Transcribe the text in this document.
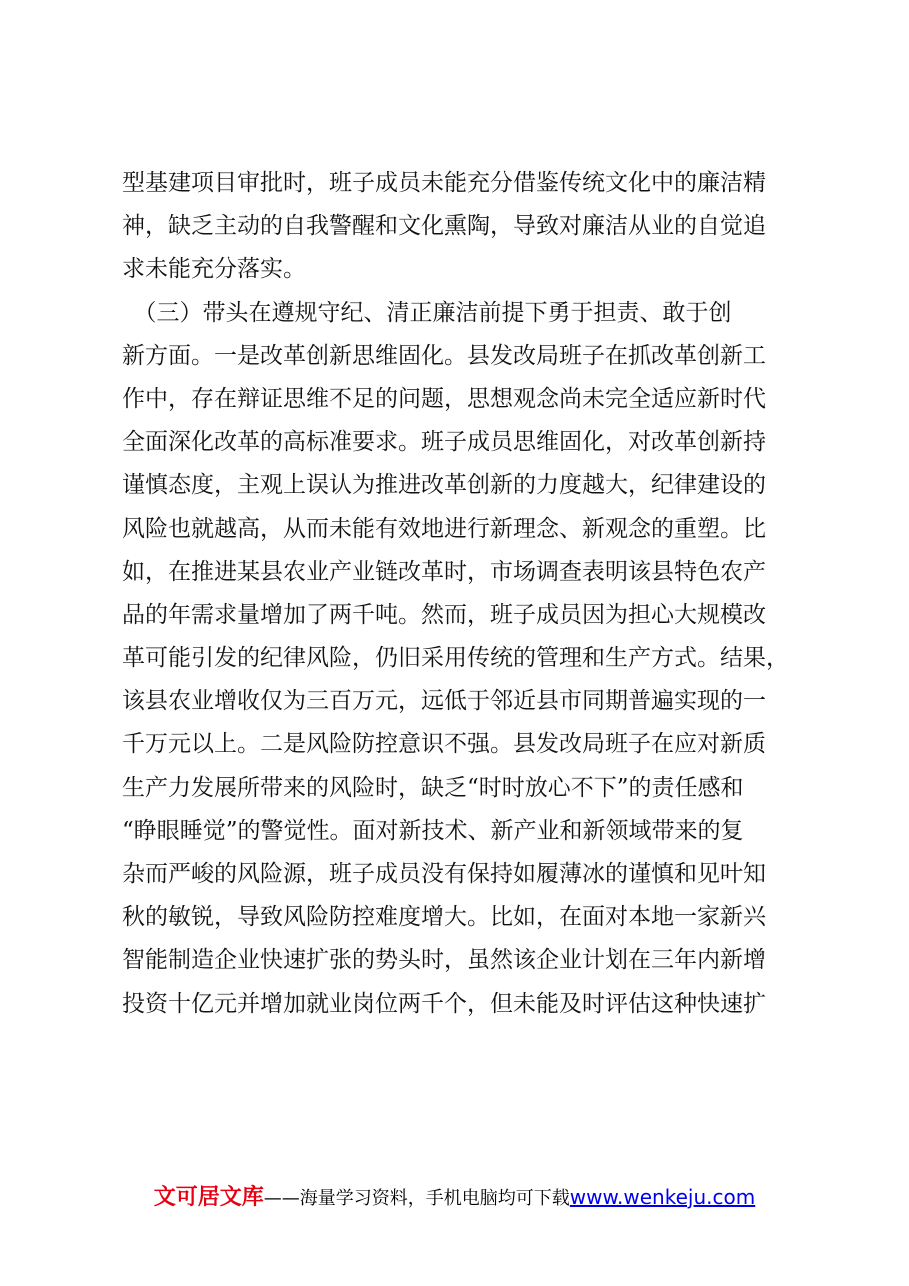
型基建项目审批时，班子成员未能充分借鉴传统文化中的廉洁精
神，缺乏主动的自我警醒和文化熏陶，导致对廉洁从业的自觉追
求未能充分落实。
　（三）带头在遵规守纪、清正廉洁前提下勇于担责、敢于创
新方面。一是改革创新思维固化。县发改局班子在抓改革创新工
作中，存在辩证思维不足的问题，思想观念尚未完全适应新时代
全面深化改革的高标准要求。班子成员思维固化，对改革创新持
谨慎态度，主观上误认为推进改革创新的力度越大，纪律建设的
风险也就越高，从而未能有效地进行新理念、新观念的重塑。比
如，在推进某县农业产业链改革时，市场调查表明该县特色农产
品的年需求量增加了两千吨。然而，班子成员因为担心大规模改
革可能引发的纪律风险，仍旧采用传统的管理和生产方式。结果，
该县农业增收仅为三百万元，远低于邻近县市同期普遍实现的一
千万元以上。二是风险防控意识不强。县发改局班子在应对新质
生产力发展所带来的风险时，缺乏“时时放心不下”的责任感和
“睁眼睡觉”的警觉性。面对新技术、新产业和新领域带来的复
杂而严峻的风险源，班子成员没有保持如履薄冰的谨慎和见叶知
秋的敏锐，导致风险防控难度增大。比如，在面对本地一家新兴
智能制造企业快速扩张的势头时，虽然该企业计划在三年内新增
投资十亿元并增加就业岗位两千个，但未能及时评估这种快速扩
文可居文库——海量学习资料，手机电脑均可下载www.wenkeju.com
